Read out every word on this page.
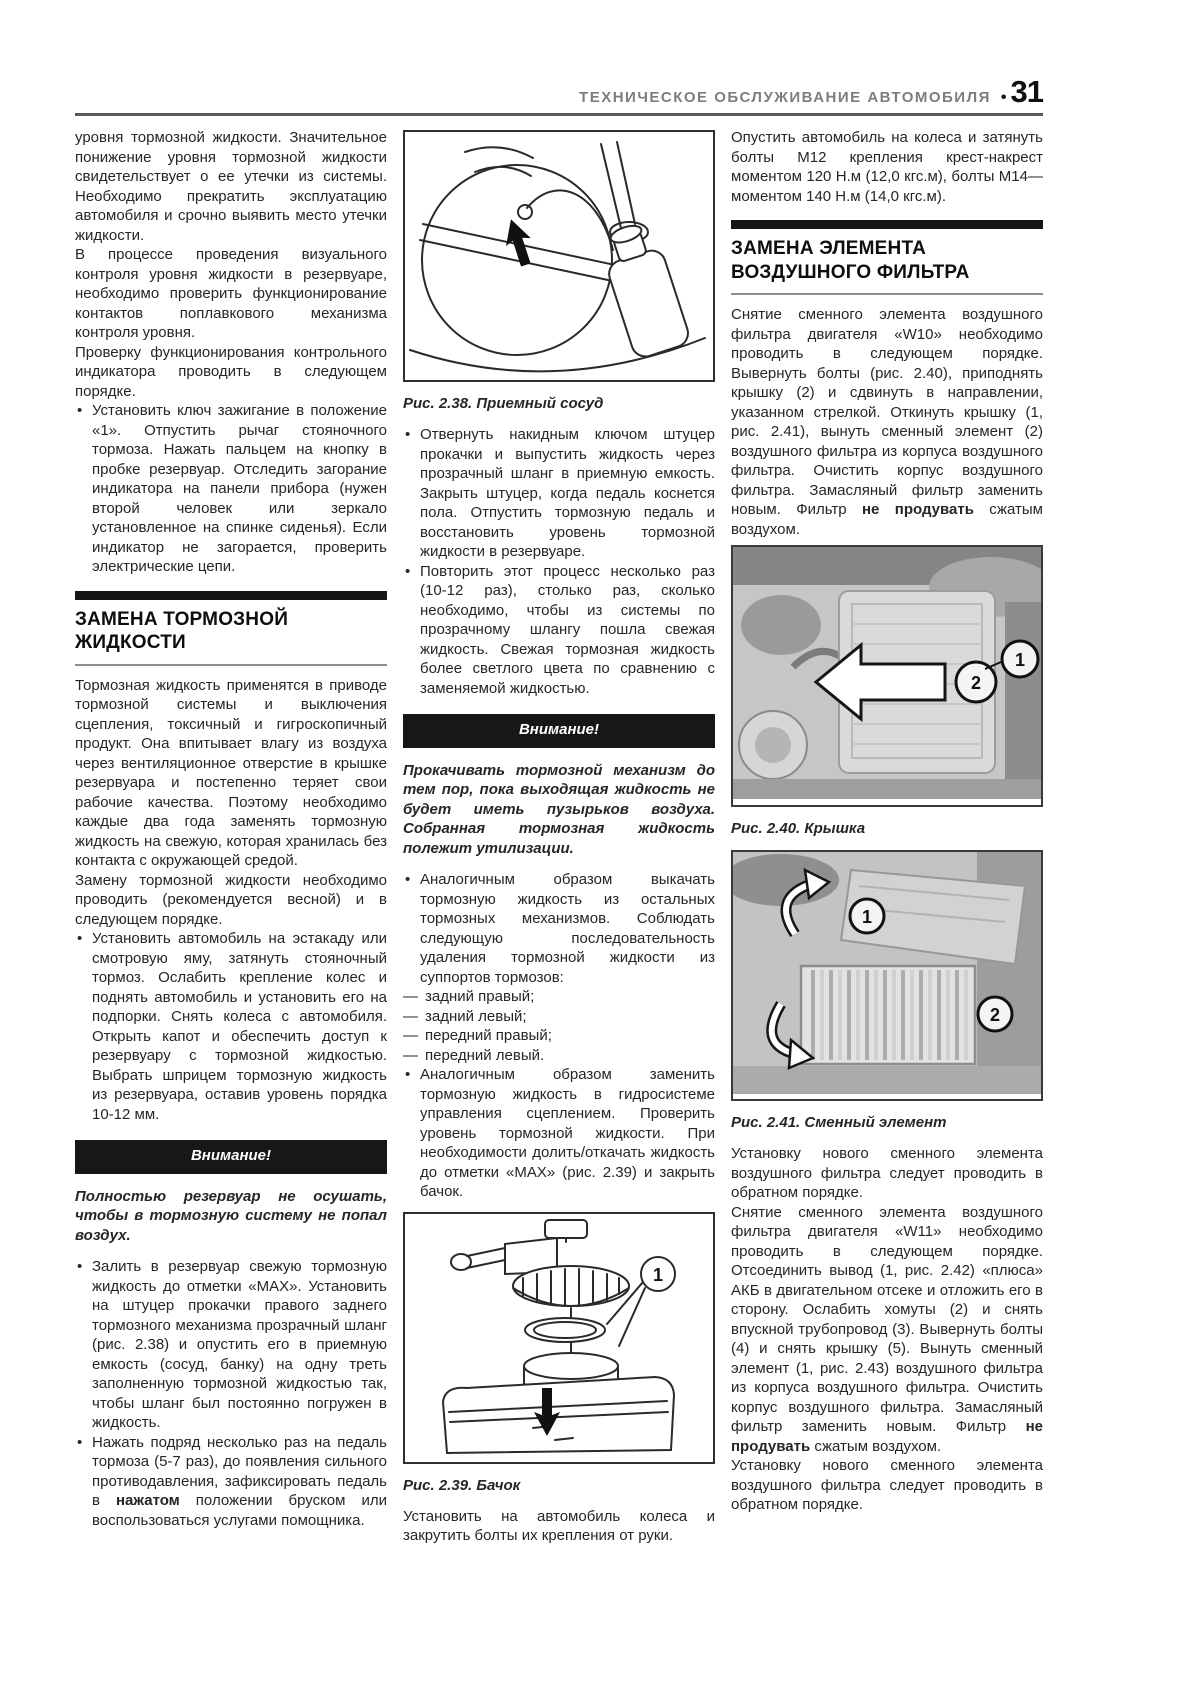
ТЕХНИЧЕСКОЕ ОБСЛУЖИВАНИЕ АВТОМОБИЛЯ • 31

уровня тормозной жидкости. Значительное понижение уровня тормозной жидкости свидетельствует о ее утечки из системы. Необходимо прекратить эксплуатацию автомобиля и срочно выявить место утечки жидкости.

В процессе проведения визуального контроля уровня жидкости в резервуаре, необходимо проверить функционирование контактов поплавкового механизма контроля уровня.

Проверку функционирования контрольного индикатора проводить в следующем порядке.

• Установить ключ зажигание в положение «1». Отпустить рычаг стояночного тормоза. Нажать пальцем на кнопку в пробке резервуар. Отследить загорание индикатора на панели прибора (нужен второй человек или зеркало установленное на спинке сиденья). Если индикатор не загорается, проверить электрические цепи.
ЗАМЕНА ТОРМОЗНОЙ ЖИДКОСТИ

Тормозная жидкость применятся в приводе тормозной системы и выключения сцепления, токсичный и гигроскопичный продукт. Она впитывает влагу из воздуха через вентиляционное отверстие в крышке резервуара и постепенно теряет свои рабочие качества. Поэтому необходимо каждые два года заменять тормозную жидкость на свежую, которая хранилась без контакта с окружающей средой.

Замену тормозной жидкости необходимо проводить (рекомендуется весной) и в следующем порядке.

• Установить автомобиль на эстакаду или смотровую яму, затянуть стояночный тормоз. Ослабить крепление колес и поднять автомобиль и установить его на подпорки. Снять колеса с автомобиля. Открыть капот и обеспечить доступ к резервуару с тормозной жидкостью. Выбрать шприцем тормозную жидкость из резервуара, оставив уровень порядка 10-12 мм.
Внимание!

Полностью резервуар не осушать, чтобы в тормозную систему не попал воздух.

• Залить в резервуар свежую тормозную жидкость до отметки «MAX». Установить на штуцер прокачки правого заднего тормозного механизма прозрачный шланг (рис. 2.38) и опустить его в приемную емкость (сосуд, банку) на одну треть заполненную тормозной жидкостью так, чтобы шланг был постоянно погружен в жидкость.
• Нажать подряд несколько раз на педаль тормоза (5-7 раз), до появления сильного противодавления, зафиксировать педаль в нажатом положении бруском или воспользоваться услугами помощника.
Рис. 2.38. Приемный сосуд
• Отвернуть накидным ключом штуцер прокачки и выпустить жидкость через прозрачный шланг в приемную емкость. Закрыть штуцер, когда педаль коснется пола. Отпустить тормозную педаль и восстановить уровень тормозной жидкости в резервуаре.
• Повторить этот процесс несколько раз (10-12 раз), столько раз, сколько необходимо, чтобы из системы по прозрачному шлангу пошла свежая жидкость. Свежая тормозная жидкость более светлого цвета по сравнению с заменяемой жидкостью.
Внимание!

Прокачивать тормозной механизм до тем пор, пока выходящая жидкость не будет иметь пузырьков воздуха. Собранная тормозная жидкость полежит утилизации.

• Аналогичным образом выкачать тормозную жидкость из остальных тормозных механизмов. Соблюдать следующую последовательность удаления тормозной жидкости из суппортов тормозов:
— задний правый;
— задний левый;
— передний правый;
— передний левый.
• Аналогичным образом заменить тормозную жидкость в гидросистеме управления сцеплением. Проверить уровень тормозной жидкости. При необходимости долить/откачать жидкость до отметки «MAX» (рис. 2.39) и закрыть бачок.
1
Рис. 2.39. Бачок

Установить на автомобиль колеса и закрутить болты их крепления от руки.

Опустить автомобиль на колеса и затянуть болты М12 крепления крест-накрест моментом 120 Н.м (12,0 кгс.м), болты М14—моментом 140 Н.м (14,0 кгс.м).

ЗАМЕНА ЭЛЕМЕНТА ВОЗДУШНОГО ФИЛЬТРА

Снятие сменного элемента воздушного фильтра двигателя «W10» необходимо проводить в следующем порядке. Вывернуть болты (рис. 2.40), приподнять крышку (2) и сдвинуть в направлении, указанном стрелкой. Откинуть крышку (1, рис. 2.41), вынуть сменный элемент (2) воздушного фильтра из корпуса воздушного фильтра. Очистить корпус воздушного фильтра. Замасляный фильтр заменить новым. Фильтр не продувать сжатым воздухом.

2
1
Рис. 2.40. Крышка
1
2
Рис. 2.41. Сменный элемент

Установку нового сменного элемента воздушного фильтра следует проводить в обратном порядке.

Снятие сменного элемента воздушного фильтра двигателя «W11» необходимо проводить в следующем порядке. Отсоединить вывод (1, рис. 2.42) «плюса» АКБ в двигательном отсеке и отложить его в сторону. Ослабить хомуты (2) и снять впускной трубопровод (3). Вывернуть болты (4) и снять крышку (5). Вынуть сменный элемент (1, рис. 2.43) воздушного фильтра из корпуса воздушного фильтра. Очистить корпус воздушного фильтра. Замасляный фильтр заменить новым. Фильтр не продувать сжатым воздухом.

Установку нового сменного элемента воздушного фильтра следует проводить в обратном порядке.
